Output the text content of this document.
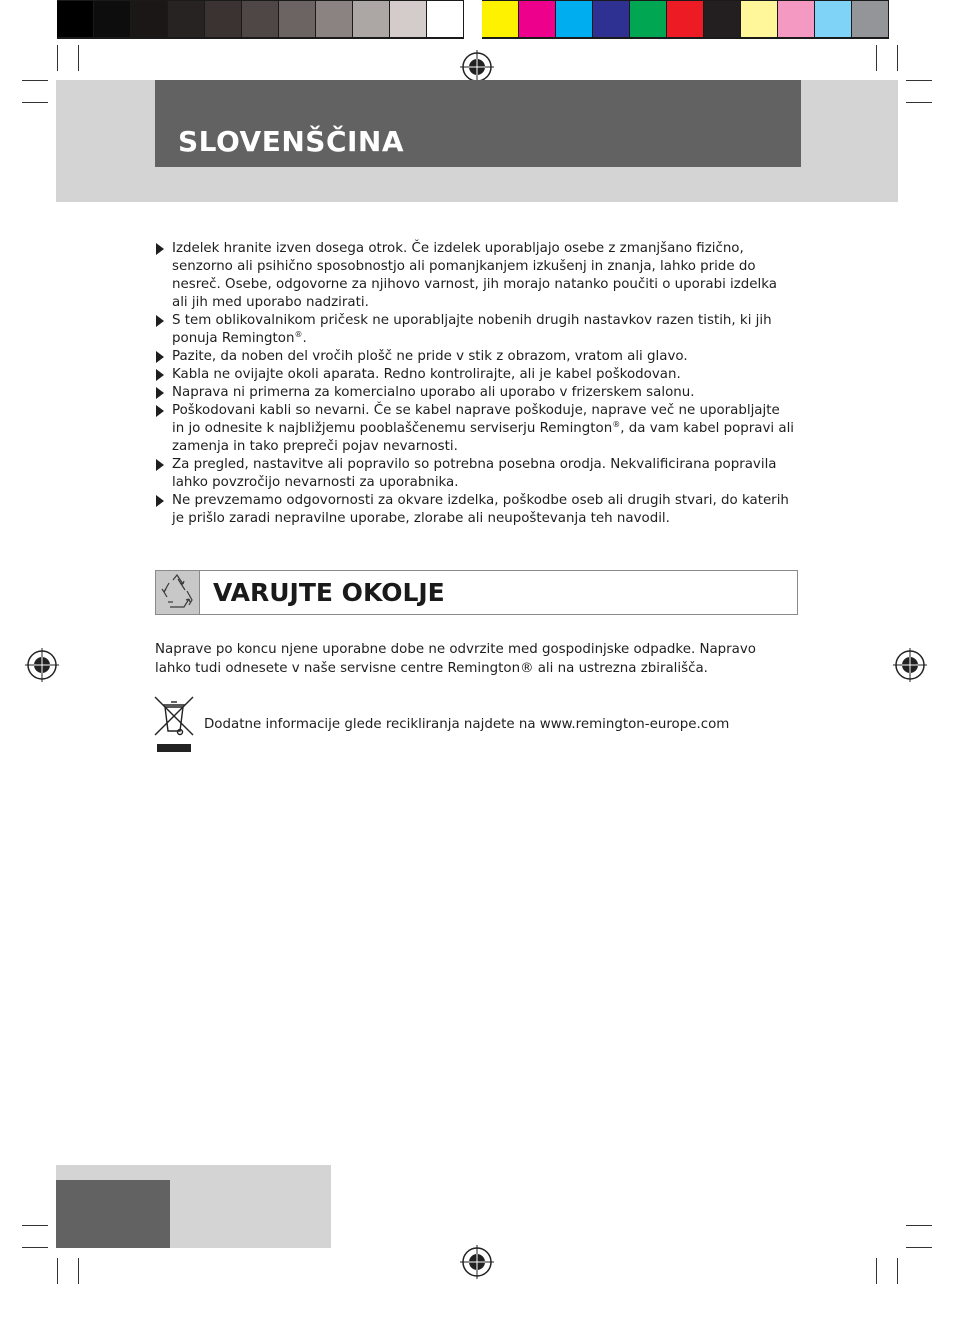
SLOVENŠČINA
Izdelek hranite izven dosega otrok. Če izdelek uporabljajo osebe z zmanjšano fizično, senzorno ali psihično sposobnostjo ali pomanjkanjem izkušenj in znanja, lahko pride do nesreč. Osebe, odgovorne za njihovo varnost, jih morajo natanko poučiti o uporabi izdelka ali jih med uporabo nadzirati.
S tem oblikovalnikom pričesk ne uporabljajte nobenih drugih nastavkov razen tistih, ki jih ponuja Remington®.
Pazite, da noben del vročih plošč ne pride v stik z obrazom, vratom ali glavo.
Kabla ne ovijajte okoli aparata. Redno kontrolirajte, ali je kabel poškodovan.
Naprava ni primerna za komercialno uporabo ali uporabo v frizerskem salonu.
Poškodovani kabli so nevarni. Če se kabel naprave poškoduje, naprave več ne uporabljajte in jo odnesite k najbližjemu pooblaščenemu serviserju Remington®, da vam kabel popravi ali zamenja in tako prepreči pojav nevarnosti.
Za pregled, nastavitve ali popravilo so potrebna posebna orodja. Nekvalificirana popravila lahko povzročijo nevarnosti za uporabnika.
Ne prevzemamo odgovornosti za okvare izdelka, poškodbe oseb ali drugih stvari, do katerih je prišlo zaradi nepravilne uporabe, zlorabe ali neupoštevanja teh navodil.
VARUJTE OKOLJE

Naprave po koncu njene uporabne dobe ne odvrzite med gospodinjske odpadke. Napravo lahko tudi odnesete v naše servisne centre Remington® ali na ustrezna zbirališča.

Dodatne informacije glede recikliranja najdete na www.remington-europe.com
